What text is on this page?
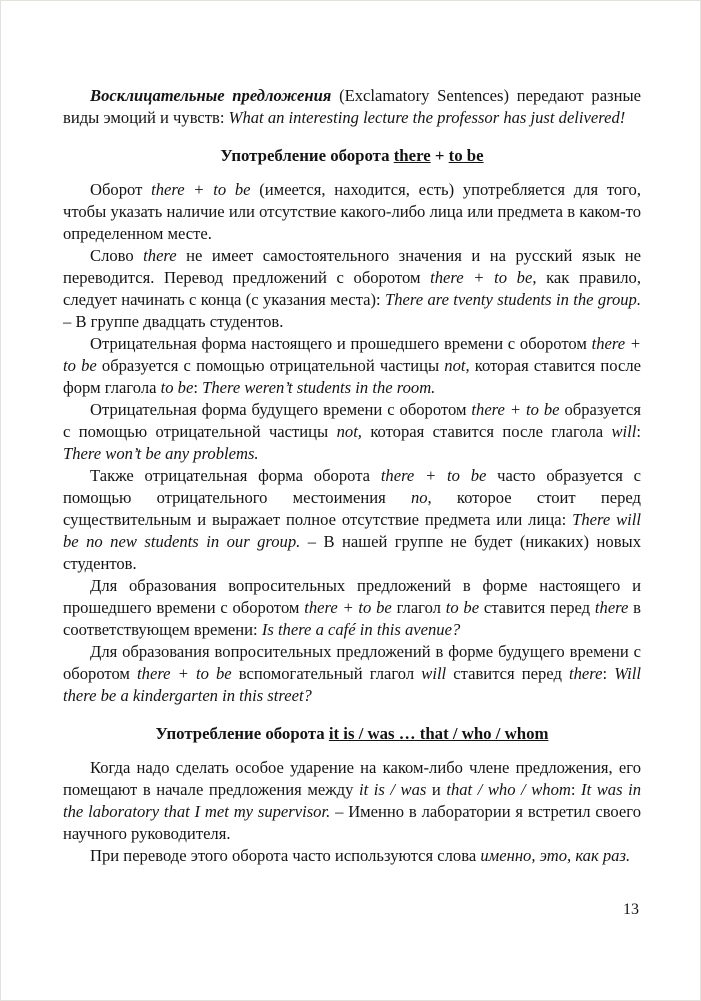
Восклицательные предложения (Exclamatory Sentences) передают разные виды эмоций и чувств: What an interesting lecture the professor has just delivered!
Употребление оборота there + to be
Оборот there + to be (имеется, находится, есть) употребляется для того, чтобы указать наличие или отсутствие какого-либо лица или предмета в каком-то определенном месте.
Слово there не имеет самостоятельного значения и на русский язык не переводится. Перевод предложений с оборотом there + to be, как правило, следует начинать с конца (с указания места): There are tventy students in the group. – В группе двадцать студентов.
Отрицательная форма настоящего и прошедшего времени с оборотом there + to be образуется с помощью отрицательной частицы not, которая ставится после форм глагола to be: There weren’t students in the room.
Отрицательная форма будущего времени с оборотом there + to be образуется с помощью отрицательной частицы not, которая ставится после глагола will: There won’t be any problems.
Также отрицательная форма оборота there + to be часто образуется с помощью отрицательного местоимения no, которое стоит перед существительным и выражает полное отсутствие предмета или лица: There will be no new students in our group. – В нашей группе не будет (никаких) новых студентов.
Для образования вопросительных предложений в форме настоящего и прошедшего времени с оборотом there + to be глагол to be ставится перед there в соответствующем времени: Is there a café in this avenue?
Для образования вопросительных предложений в форме будущего времени с оборотом there + to be вспомогательный глагол will ставится перед there: Will there be a kindergarten in this street?
Употребление оборота it is / was … that / who / whom
Когда надо сделать особое ударение на каком-либо члене предложения, его помещают в начале предложения между it is / was и that / who / whom: It was in the laboratory that I met my supervisor. – Именно в лаборатории я встретил своего научного руководителя.
При переводе этого оборота часто используются слова именно, это, как раз.
13
